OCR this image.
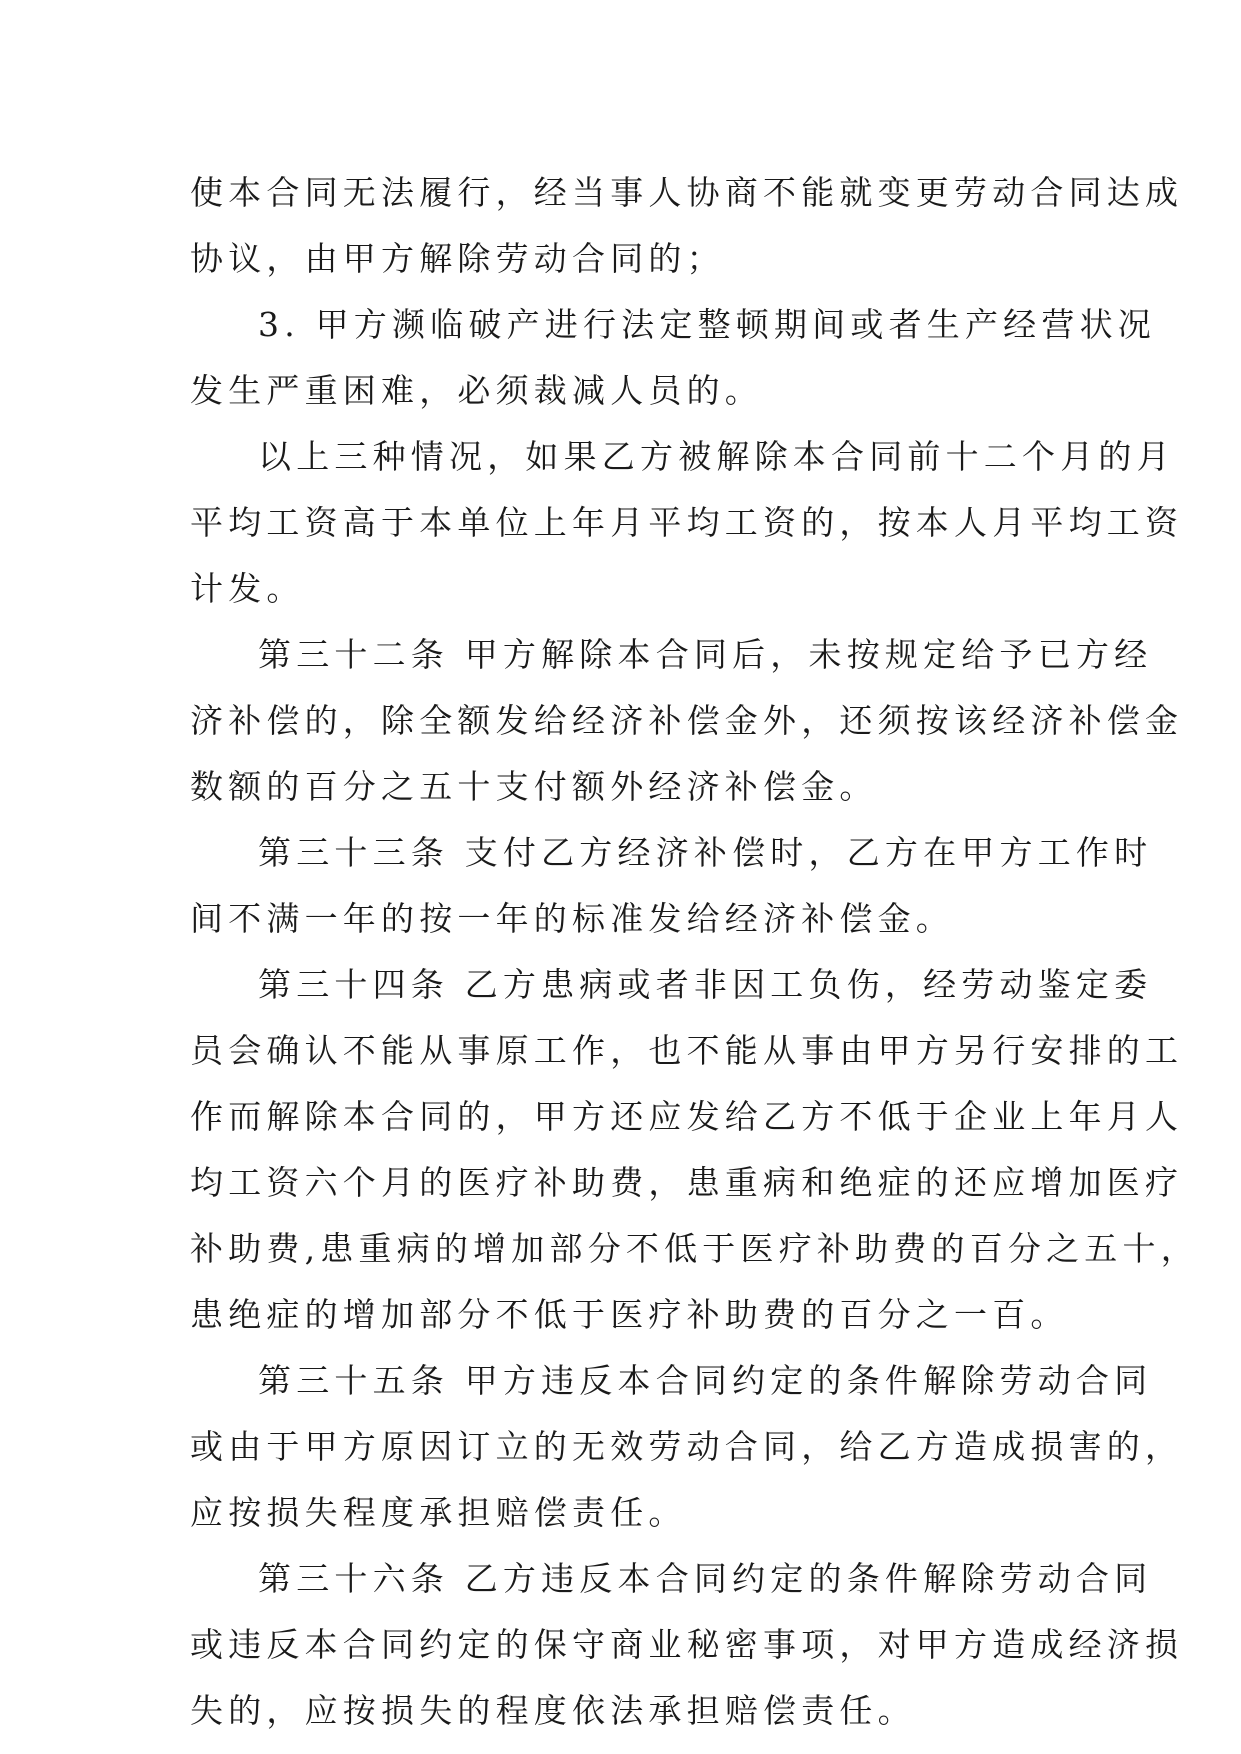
使本合同无法履行，经当事人协商不能就变更劳动合同达成
协议，由甲方解除劳动合同的；
3. 甲方濒临破产进行法定整顿期间或者生产经营状况
发生严重困难，必须裁减人员的。
以上三种情况，如果乙方被解除本合同前十二个月的月
平均工资高于本单位上年月平均工资的，按本人月平均工资
计发。
第三十二条 甲方解除本合同后，未按规定给予已方经
济补偿的，除全额发给经济补偿金外，还须按该经济补偿金
数额的百分之五十支付额外经济补偿金。
第三十三条 支付乙方经济补偿时，乙方在甲方工作时
间不满一年的按一年的标准发给经济补偿金。
第三十四条 乙方患病或者非因工负伤，经劳动鉴定委
员会确认不能从事原工作，也不能从事由甲方另行安排的工
作而解除本合同的，甲方还应发给乙方不低于企业上年月人
均工资六个月的医疗补助费，患重病和绝症的还应增加医疗
补助费,患重病的增加部分不低于医疗补助费的百分之五十，
患绝症的增加部分不低于医疗补助费的百分之一百。
第三十五条 甲方违反本合同约定的条件解除劳动合同
或由于甲方原因订立的无效劳动合同，给乙方造成损害的，
应按损失程度承担赔偿责任。
第三十六条 乙方违反本合同约定的条件解除劳动合同
或违反本合同约定的保守商业秘密事项，对甲方造成经济损
失的，应按损失的程度依法承担赔偿责任。
